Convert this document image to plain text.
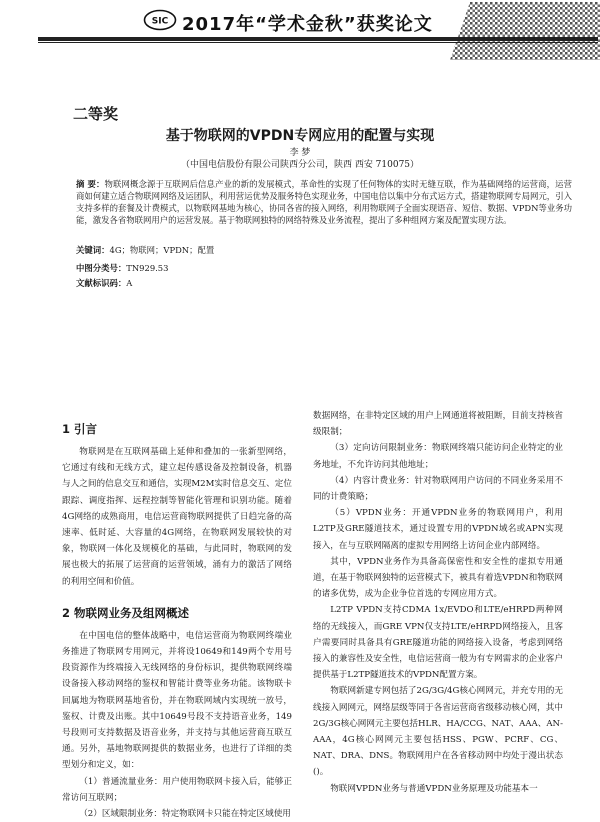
SIC 2017年“学术金秋”获奖论文
二等奖
基于物联网的VPDN专网应用的配置与实现
李 梦
（中国电信股份有限公司陕西分公司，陕西 西安 710075）
摘 要：物联网概念源于互联网后信息产业的新的发展模式，革命性的实现了任何物体的实时无缝互联，作为基础网络的运营商，运营商如何建立适合物联网网络及运团队，利用营运优势及服务特色实现业务，中国电信以集中分布式运方式，搭建物联网专局网元，引入支持多样的套餐及计费模式，以物联网基地为核心，协同各省的接入网络，利用物联网子全面实现语音、短信、数据、VPDN等业务功能，激发各省物联网用户的运营发展。基于物联网独特的网络特殊及业务流程，提出了多种组网方案及配置实现方法。
关键词：4G；物联网；VPDN；配置
中图分类号：TN929.53
文献标识码：A
1 引言

物联网是在互联网基础上延伸和叠加的一张新型网络，它通过有线和无线方式，建立起传感设备及控制设备，机器与人之间的信息交互和通信，实现M2M实时信息交互、定位跟踪、调度指挥、远程控制等智能化管理和识别功能。随着4G网络的成熟商用，电信运营商物联网提供了日趋完备的高速率、低时延、大容量的4G网络，在物联网发展较快的对象，物联网一体化及规模化的基础，与此同时，物联网的发展也极大的拓展了运营商的运营领域，涌有力的激活了网络的利用空间和价值。

2 物联网业务及组网概述

在中国电信的整体战略中，电信运营商为物联网终端业务推进了物联网专用网元，并将设10649和149两个专用号段资源作为终端接入无线网络的身份标识，提供物联网终端设备接入移动网络的鉴权和智能计费等业务功能。该物联卡回属地为物联网基地省份，并在物联网域内实现统一放号，鉴权、计费及出账。其中10649号段不支持语音业务，149号段则可支持数据及语音业务，并支持与其他运营商互联互通。另外，基地物联网提供的数据业务，也进行了详细的类型划分和定义，如：

（1）普通流量业务：用户使用物联网卡接入后，能够正常访问互联网；

（2）区域限制业务：特定物联网卡只能在特定区域使用

数据网络，在非特定区域的用户上网通道将被阻断，目前支持核省级限制；

（3）定向访问限制业务：物联网终端只能访问企业特定的业务地址，不允许访问其他地址；

（4）内容计费业务：针对物联网用户访问的不同业务采用不同的计费策略；

（5）VPDN业务：开通VPDN业务的物联网用户，利用L2TP及GRE隧道技术，通过设置专用的VPDN域名或APN实现接入，在与互联网隔离的虚拟专用网络上访问企业内部网络。

其中，VPDN业务作为具备高保密性和安全性的虚拟专用通道，在基于物联网独特的运营模式下，被具有着选VPDN和物联网的诸多优势，成为企业争位首选的专网应用方式。

L2TP VPDN支持CDMA 1x/EVDO和LTE/eHRPD两种网络的无线接入，而GRE VPN仅支持LTE/eHRPD网络接入，且客户需要同时具备具有GRE隧道功能的网络接入设备，考虑到网络接入的兼容性及安全性，电信运营商一般为有专网需求的企业客户提供基于L2TP隧道技术的VPDN配置方案。

物联网新建专网包括了2G/3G/4G核心网网元，并充专用的无线接入网网元，网络层级等同于各省运营商省级移动核心网，其中2G/3G核心网网元主要包括HLR、HA/CCG、NAT、AAA、AN-AAA，4G核心网网元主要包括HSS、PGW、PCRF、CG、NAT、DRA、DNS。物联网用户在各省移动网中均处于漫出状态()。

物联网VPDN业务与普通VPDN业务原理及功能基本一
